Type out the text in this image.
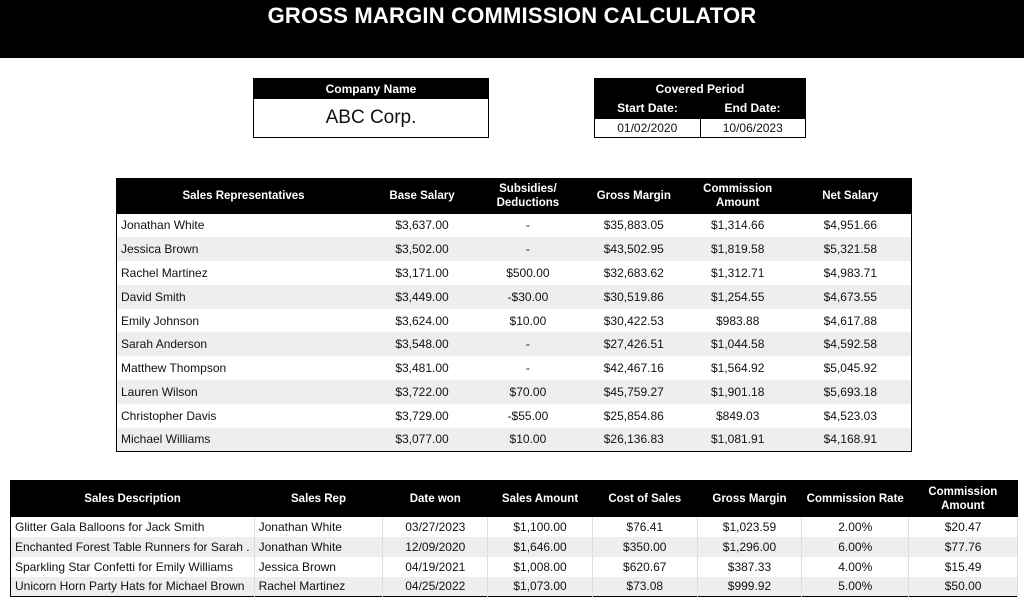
GROSS MARGIN COMMISSION CALCULATOR
Company Name
ABC Corp.
Covered Period
Start Date:	End Date:
01/02/2020	10/06/2023
Sales Representatives	Base Salary	Subsidies/ Deductions	Gross Margin	Commission Amount	Net Salary
Jonathan White	$3,637.00	-	$35,883.05	$1,314.66	$4,951.66
Jessica Brown	$3,502.00	-	$43,502.95	$1,819.58	$5,321.58
Rachel Martinez	$3,171.00	$500.00	$32,683.62	$1,312.71	$4,983.71
David Smith	$3,449.00	-$30.00	$30,519.86	$1,254.55	$4,673.55
Emily Johnson	$3,624.00	$10.00	$30,422.53	$983.88	$4,617.88
Sarah Anderson	$3,548.00	-	$27,426.51	$1,044.58	$4,592.58
Matthew Thompson	$3,481.00	-	$42,467.16	$1,564.92	$5,045.92
Lauren Wilson	$3,722.00	$70.00	$45,759.27	$1,901.18	$5,693.18
Christopher Davis	$3,729.00	-$55.00	$25,854.86	$849.03	$4,523.03
Michael Williams	$3,077.00	$10.00	$26,136.83	$1,081.91	$4,168.91
Sales Description	Sales Rep	Date won	Sales Amount	Cost of Sales	Gross Margin	Commission Rate	Commission Amount
Glitter Gala Balloons for Jack Smith	Jonathan White	03/27/2023	$1,100.00	$76.41	$1,023.59	2.00%	$20.47
Enchanted Forest Table Runners for Sarah .	Jonathan White	12/09/2020	$1,646.00	$350.00	$1,296.00	6.00%	$77.76
Sparkling Star Confetti for Emily Williams	Jessica Brown	04/19/2021	$1,008.00	$620.67	$387.33	4.00%	$15.49
Unicorn Horn Party Hats for Michael Brown	Rachel Martinez	04/25/2022	$1,073.00	$73.08	$999.92	5.00%	$50.00
